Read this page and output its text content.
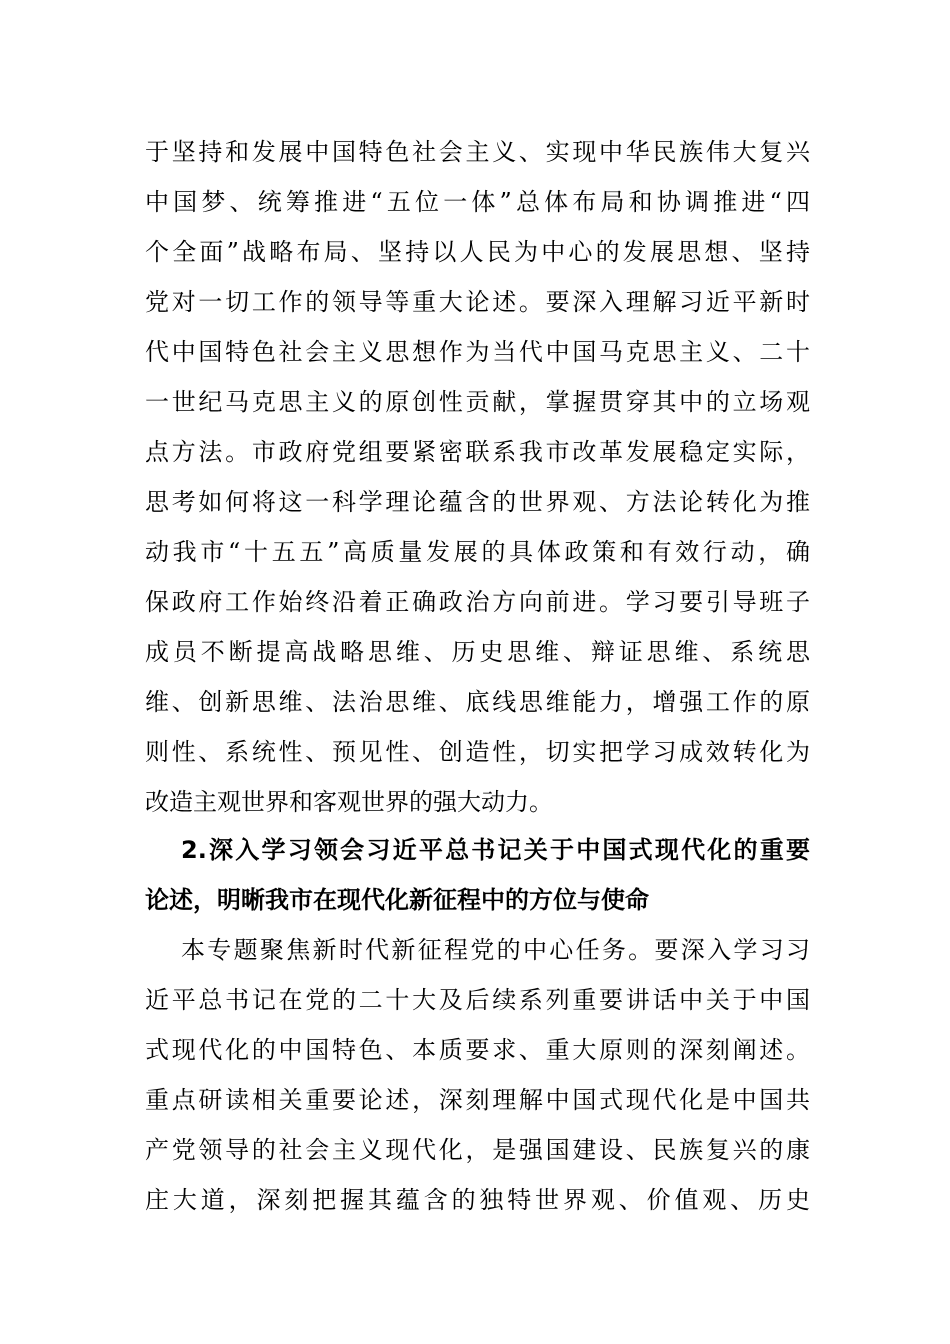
于坚持和发展中国特色社会主义、实现中华民族伟大复兴
中国梦、统筹推进“五位一体”总体布局和协调推进“四
个全面”战略布局、坚持以人民为中心的发展思想、坚持
党对一切工作的领导等重大论述。要深入理解习近平新时
代中国特色社会主义思想作为当代中国马克思主义、二十
一世纪马克思主义的原创性贡献，掌握贯穿其中的立场观
点方法。市政府党组要紧密联系我市改革发展稳定实际，
思考如何将这一科学理论蕴含的世界观、方法论转化为推
动我市“十五五”高质量发展的具体政策和有效行动，确
保政府工作始终沿着正确政治方向前进。学习要引导班子
成员不断提高战略思维、历史思维、辩证思维、系统思
维、创新思维、法治思维、底线思维能力，增强工作的原
则性、系统性、预见性、创造性，切实把学习成效转化为
改造主观世界和客观世界的强大动力。
2.深入学习领会习近平总书记关于中国式现代化的重要
论述，明晰我市在现代化新征程中的方位与使命
本专题聚焦新时代新征程党的中心任务。要深入学习习
近平总书记在党的二十大及后续系列重要讲话中关于中国
式现代化的中国特色、本质要求、重大原则的深刻阐述。
重点研读相关重要论述，深刻理解中国式现代化是中国共
产党领导的社会主义现代化，是强国建设、民族复兴的康
庄大道，深刻把握其蕴含的独特世界观、价值观、历史
